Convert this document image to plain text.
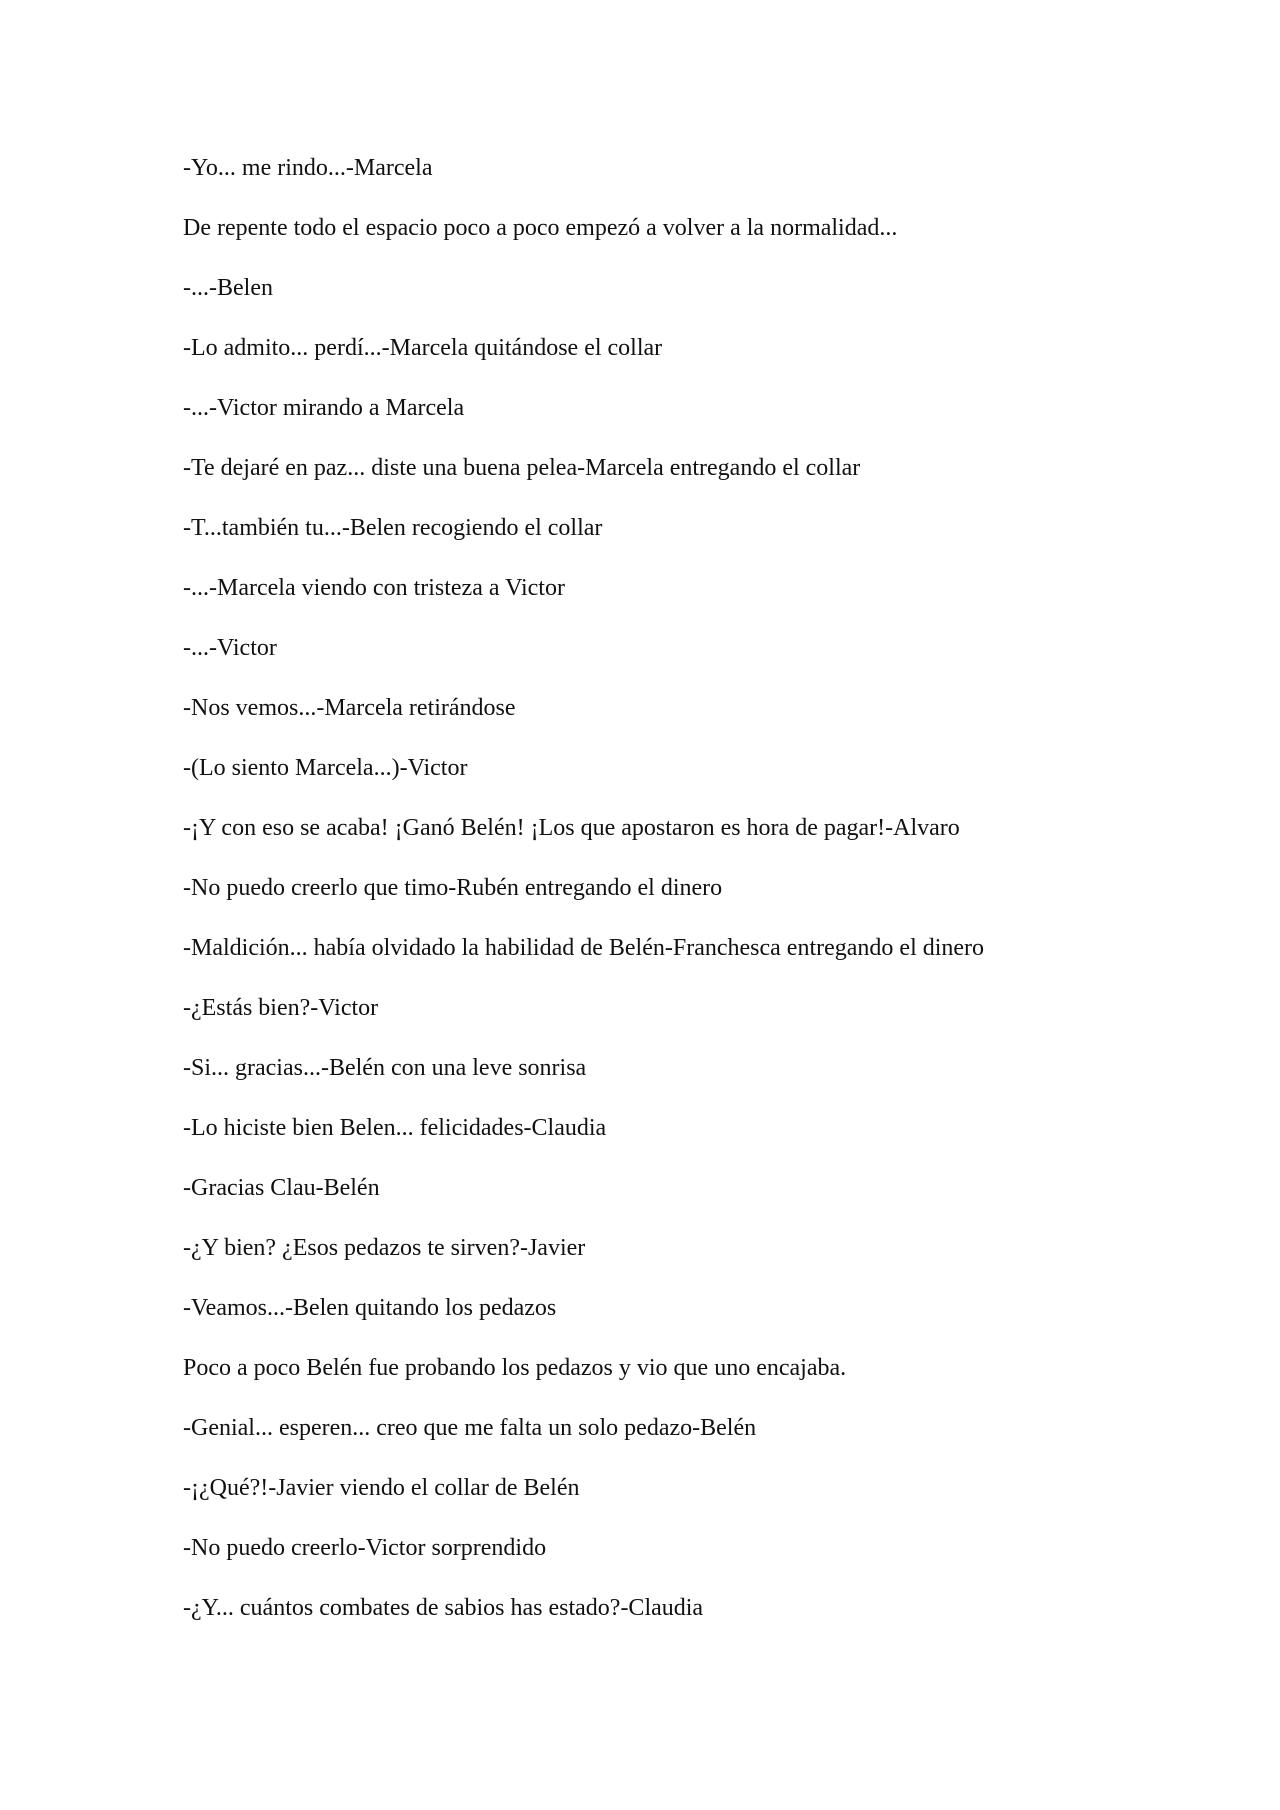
-Yo... me rindo...-Marcela

De repente todo el espacio poco a poco empezó a volver a la normalidad...

-...-Belen

-Lo admito... perdí...-Marcela quitándose el collar

-...-Victor mirando a Marcela

-Te dejaré en paz... diste una buena pelea-Marcela entregando el collar

-T...también tu...-Belen recogiendo el collar

-...-Marcela viendo con tristeza a Victor

-...-Victor

-Nos vemos...-Marcela retirándose

-(Lo siento Marcela...)-Victor

-¡Y con eso se acaba! ¡Ganó Belén! ¡Los que apostaron es hora de pagar!-Alvaro

-No puedo creerlo que timo-Rubén entregando el dinero

-Maldición... había olvidado la habilidad de Belén-Franchesca entregando el dinero

-¿Estás bien?-Victor

-Si... gracias...-Belén con una leve sonrisa

-Lo hiciste bien Belen... felicidades-Claudia

-Gracias Clau-Belén

-¿Y bien? ¿Esos pedazos te sirven?-Javier

-Veamos...-Belen quitando los pedazos

Poco a poco Belén fue probando los pedazos y vio que uno encajaba.

-Genial... esperen... creo que me falta un solo pedazo-Belén

-¡¿Qué?!-Javier viendo el collar de Belén

-No puedo creerlo-Victor sorprendido

-¿Y... cuántos combates de sabios has estado?-Claudia
